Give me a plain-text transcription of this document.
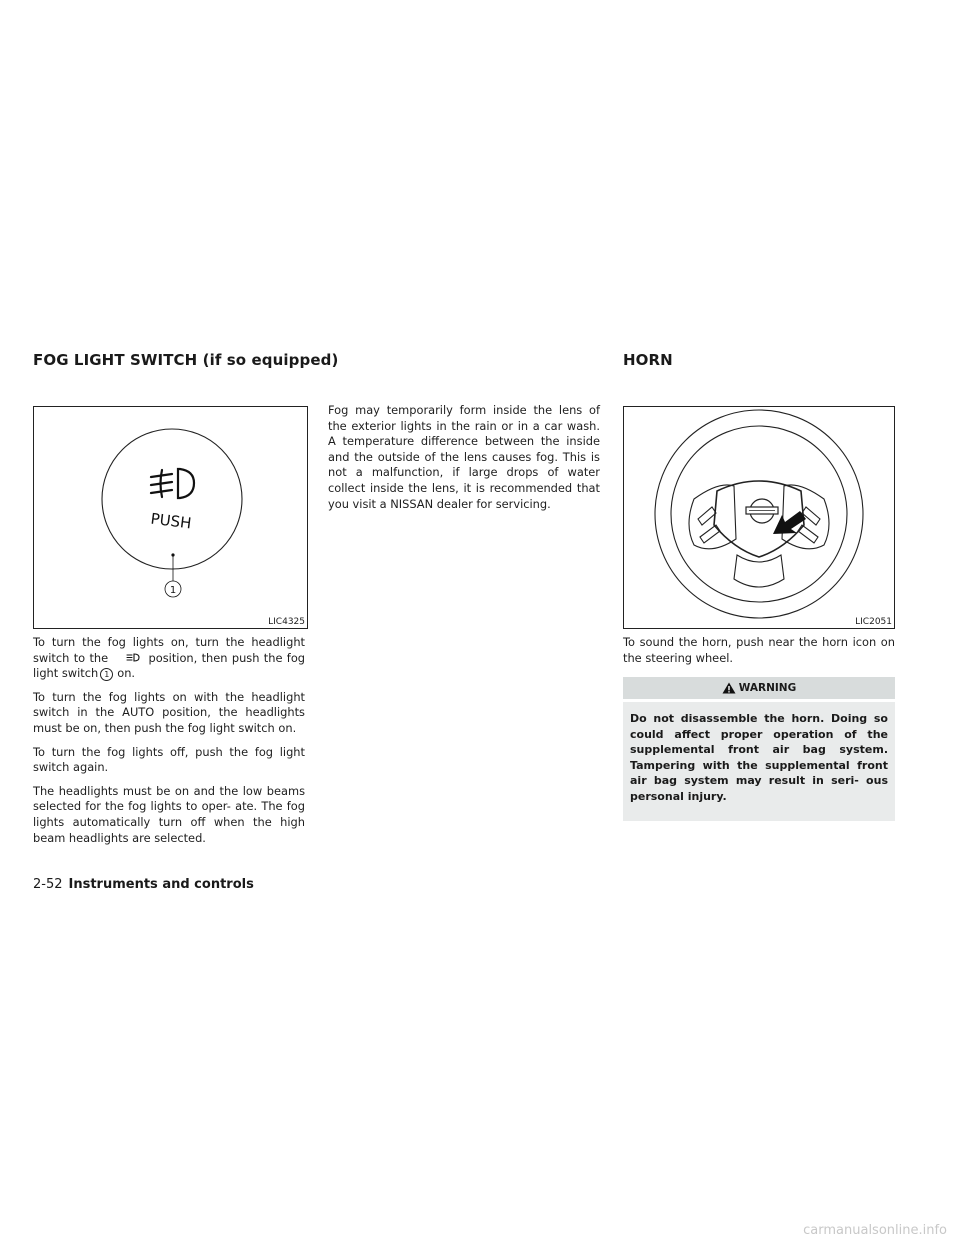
FOG LIGHT SWITCH (if so equipped)	HORN
PUSH
1
LIC4325

To turn the fog lights on, turn the headlight switch to the	position, then push the fog light switch 1 on.

To turn the fog lights on with the headlight switch in the AUTO position, the headlights must be on, then push the fog light switch on.

To turn the fog lights off, push the fog light switch again.

The headlights must be on and the low beams selected for the fog lights to oper- ate. The fog lights automatically turn off when the high beam headlights are selected.

Fog may temporarily form inside the lens of the exterior lights in the rain or in a car wash. A temperature difference between the inside and the outside of the lens causes fog. This is not a malfunction, if large drops of water collect inside the lens, it is recommended that you visit a NISSAN dealer for servicing.

LIC2051

To sound the horn, push near the horn icon on the steering wheel.

WARNING
Do not disassemble the horn. Doing so could affect proper operation of the supplemental front air bag system. Tampering with the supplemental front air bag system may result in seri- ous personal injury.
2-52 Instruments and controls
carmanualsonline.info
